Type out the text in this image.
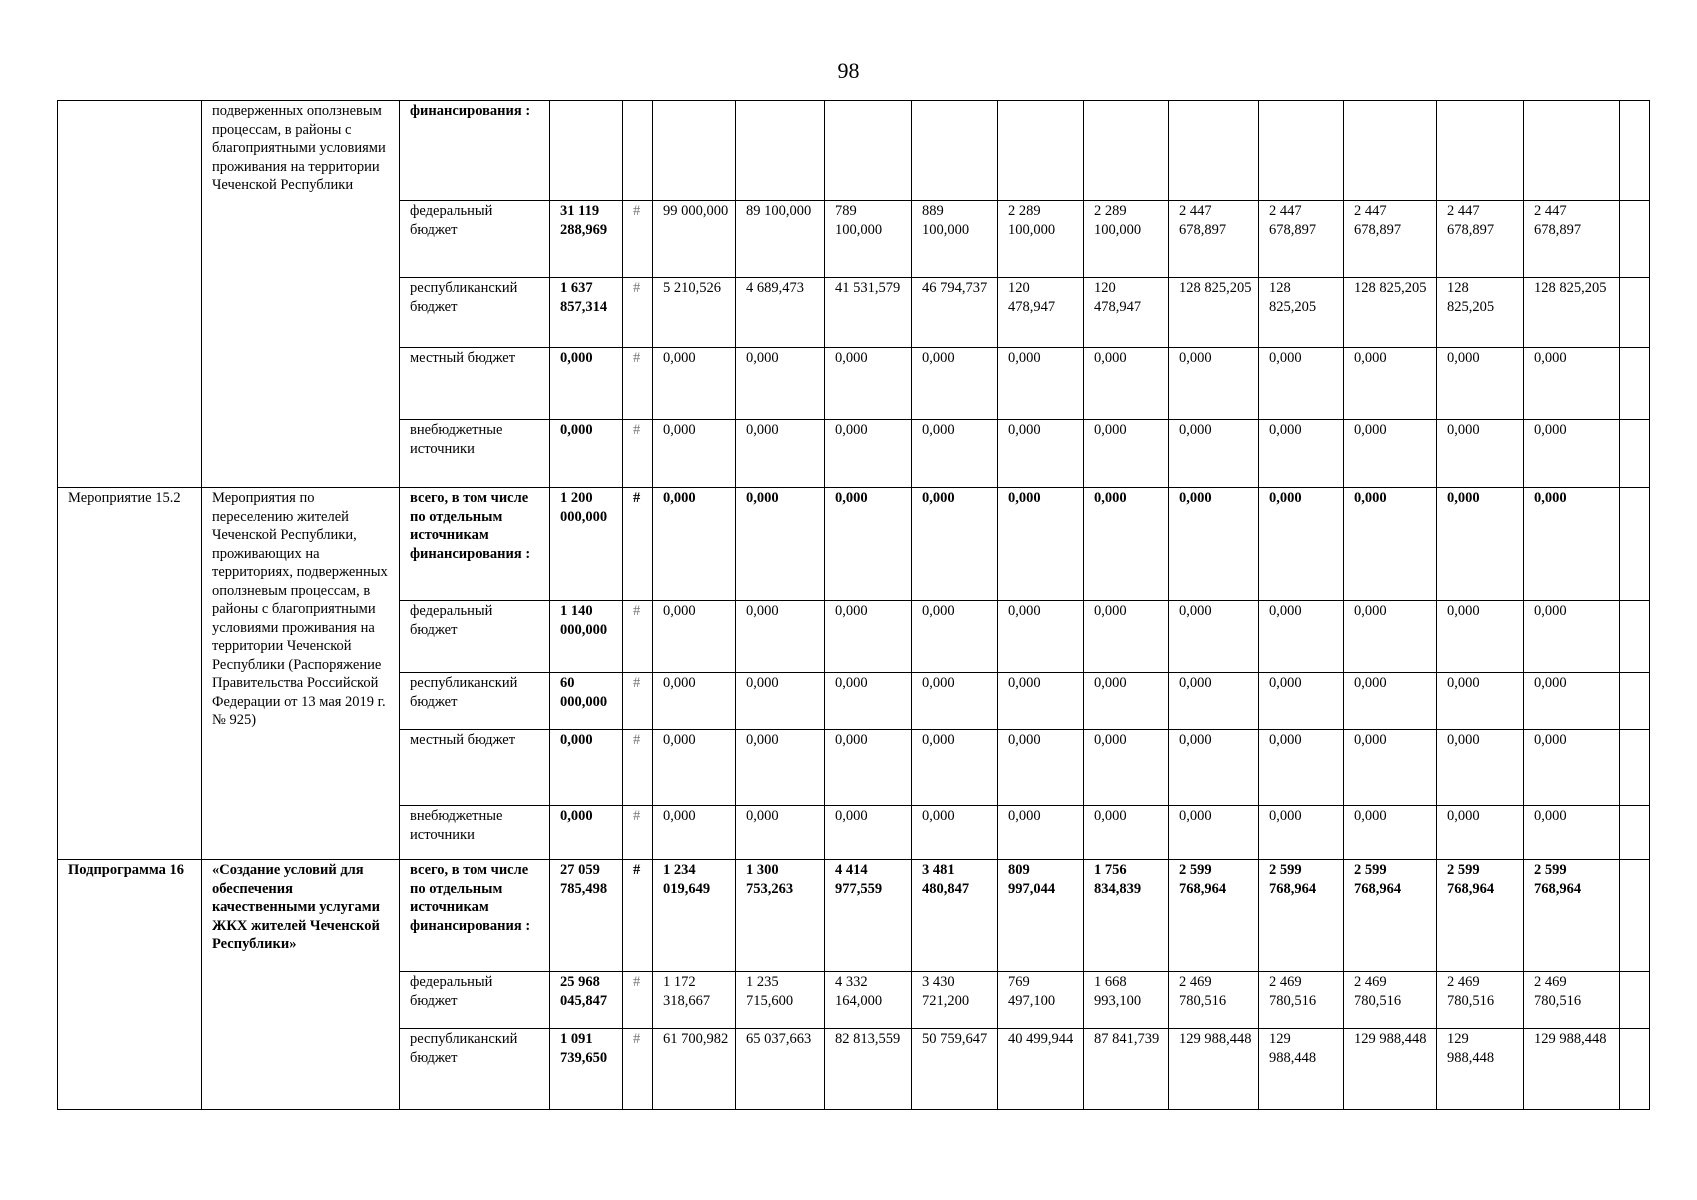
98
	подверженных оползневым процессам, в районы с благоприятными условиями проживания на территории Чеченской Республики	финансирования :														
		федеральный бюджет	31 119 288,969	#	99 000,000	89 100,000	789 100,000	889 100,000	2 289 100,000	2 289 100,000	2 447 678,897	2 447 678,897	2 447 678,897	2 447 678,897	2 447 678,897	
		республиканский бюджет	1 637 857,314	#	5 210,526	4 689,473	41 531,579	46 794,737	120 478,947	120 478,947	128 825,205	128 825,205	128 825,205	128 825,205	128 825,205	
		местный бюджет	0,000	#	0,000	0,000	0,000	0,000	0,000	0,000	0,000	0,000	0,000	0,000	0,000	
		внебюджетные источники	0,000	#	0,000	0,000	0,000	0,000	0,000	0,000	0,000	0,000	0,000	0,000	0,000	
Мероприятие 15.2	Мероприятия по переселению жителей Чеченской Республики, проживающих на территориях, подверженных оползневым процессам, в районы с благоприятными условиями проживания на территории Чеченской Республики (Распоряжение Правительства Российской Федерации от 13 мая 2019 г. № 925)	всего, в том числе по отдельным источникам финансирования :	1 200 000,000	#	0,000	0,000	0,000	0,000	0,000	0,000	0,000	0,000	0,000	0,000	0,000	
		федеральный бюджет	1 140 000,000	#	0,000	0,000	0,000	0,000	0,000	0,000	0,000	0,000	0,000	0,000	0,000	
		республиканский бюджет	60 000,000	#	0,000	0,000	0,000	0,000	0,000	0,000	0,000	0,000	0,000	0,000	0,000	
		местный бюджет	0,000	#	0,000	0,000	0,000	0,000	0,000	0,000	0,000	0,000	0,000	0,000	0,000	
		внебюджетные источники	0,000	#	0,000	0,000	0,000	0,000	0,000	0,000	0,000	0,000	0,000	0,000	0,000	
Подпрограмма 16	«Создание условий для обеспечения качественными услугами ЖКХ жителей Чеченской Республики»	всего, в том числе по отдельным источникам финансирования :	27 059 785,498	#	1 234 019,649	1 300 753,263	4 414 977,559	3 481 480,847	809 997,044	1 756 834,839	2 599 768,964	2 599 768,964	2 599 768,964	2 599 768,964	2 599 768,964	
		федеральный бюджет	25 968 045,847	#	1 172 318,667	1 235 715,600	4 332 164,000	3 430 721,200	769 497,100	1 668 993,100	2 469 780,516	2 469 780,516	2 469 780,516	2 469 780,516	2 469 780,516	
		республиканский бюджет	1 091 739,650	#	61 700,982	65 037,663	82 813,559	50 759,647	40 499,944	87 841,739	129 988,448	129 988,448	129 988,448	129 988,448	129 988,448	
